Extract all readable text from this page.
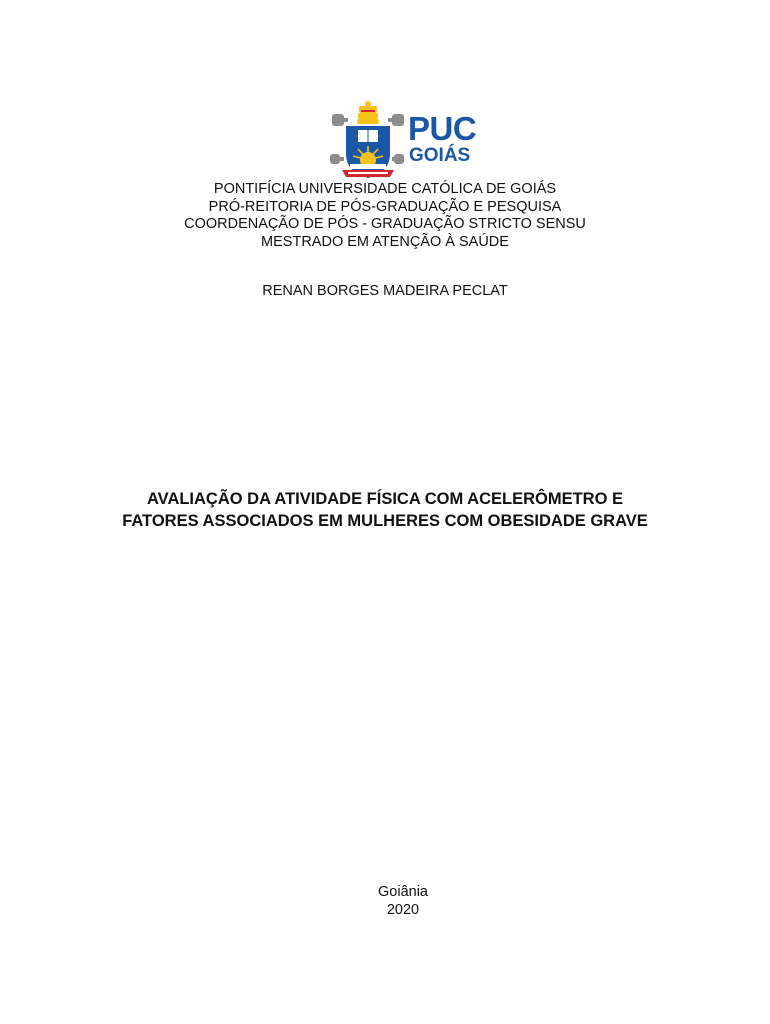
PUC
GOIÁS
PONTIFÍCIA UNIVERSIDADE CATÓLICA DE GOIÁS
PRÓ-REITORIA DE PÓS-GRADUAÇÃO E PESQUISA
COORDENAÇÃO DE PÓS - GRADUAÇÃO STRICTO SENSU
MESTRADO EM ATENÇÃO À SAÚDE
RENAN BORGES MADEIRA PECLAT
AVALIAÇÃO DA ATIVIDADE FÍSICA COM ACELERÔMETRO E
FATORES ASSOCIADOS EM MULHERES COM OBESIDADE GRAVE
Goiânia
2020
